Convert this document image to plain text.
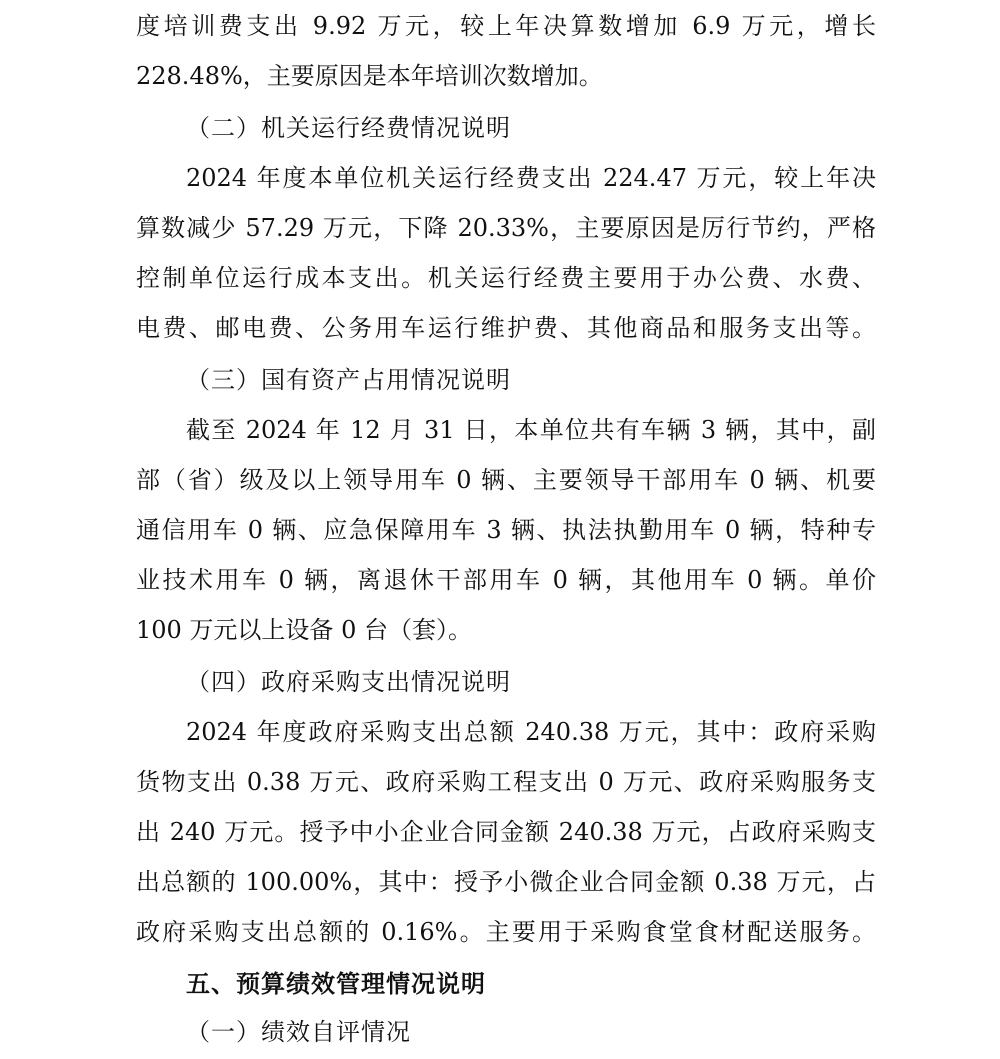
度培训费支出 9.92 万元，较上年决算数增加 6.9 万元，增长
228.48%，主要原因是本年培训次数增加。
（二）机关运行经费情况说明
2024 年度本单位机关运行经费支出 224.47 万元，较上年决
算数减少 57.29 万元，下降 20.33%，主要原因是厉行节约，严格
控制单位运行成本支出。机关运行经费主要用于办公费、水费、
电费、邮电费、公务用车运行维护费、其他商品和服务支出等。
（三）国有资产占用情况说明
截至 2024 年 12 月 31 日，本单位共有车辆 3 辆，其中，副
部（省）级及以上领导用车 0 辆、主要领导干部用车 0 辆、机要
通信用车 0 辆、应急保障用车 3 辆、执法执勤用车 0 辆，特种专
业技术用车 0 辆，离退休干部用车 0 辆，其他用车 0 辆。单价
100 万元以上设备 0 台（套）。
（四）政府采购支出情况说明
2024 年度政府采购支出总额 240.38 万元，其中：政府采购
货物支出 0.38 万元、政府采购工程支出 0 万元、政府采购服务支
出 240 万元。授予中小企业合同金额 240.38 万元，占政府采购支
出总额的 100.00%，其中：授予小微企业合同金额 0.38 万元，占
政府采购支出总额的 0.16%。主要用于采购食堂食材配送服务。
五、预算绩效管理情况说明
（一）绩效自评情况
